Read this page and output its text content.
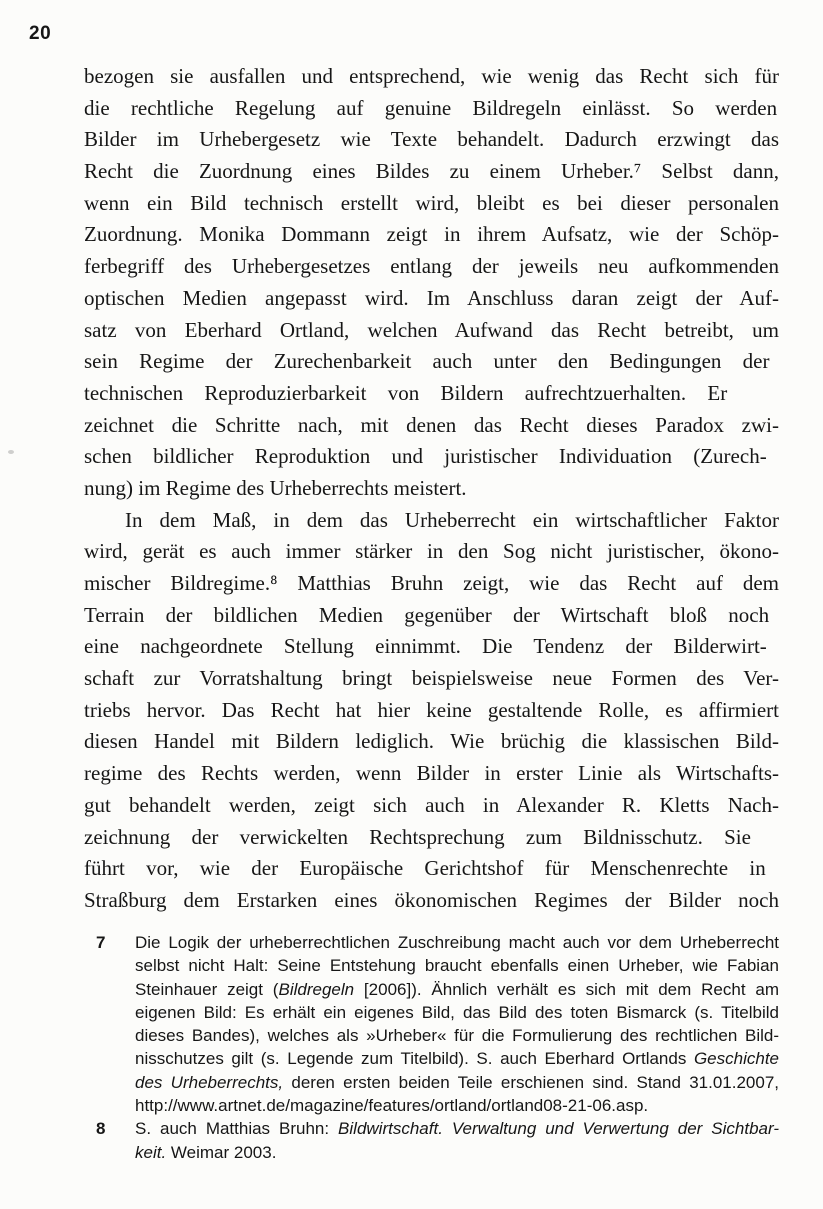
20
bezogen sie ausfallen und entsprechend, wie wenig das Recht sich für
die rechtliche Regelung auf genuine Bildregeln einlässt. So werden
Bilder im Urhebergesetz wie Texte behandelt. Dadurch erzwingt das
Recht die Zuordnung eines Bildes zu einem Urheber.⁷ Selbst dann,
wenn ein Bild technisch erstellt wird, bleibt es bei dieser personalen
Zuordnung. Monika Dommann zeigt in ihrem Aufsatz, wie der Schöp-
ferbegriff des Urhebergesetzes entlang der jeweils neu aufkommenden
optischen Medien angepasst wird. Im Anschluss daran zeigt der Auf-
satz von Eberhard Ortland, welchen Aufwand das Recht betreibt, um
sein Regime der Zurechenbarkeit auch unter den Bedingungen der
technischen Reproduzierbarkeit von Bildern aufrechtzuerhalten. Er
zeichnet die Schritte nach, mit denen das Recht dieses Paradox zwi-
schen bildlicher Reproduktion und juristischer Individuation (Zurech-
nung) im Regime des Urheberrechts meistert.
In dem Maß, in dem das Urheberrecht ein wirtschaftlicher Faktor
wird, gerät es auch immer stärker in den Sog nicht juristischer, ökono-
mischer Bildregime.⁸ Matthias Bruhn zeigt, wie das Recht auf dem
Terrain der bildlichen Medien gegenüber der Wirtschaft bloß noch
eine nachgeordnete Stellung einnimmt. Die Tendenz der Bilderwirt-
schaft zur Vorratshaltung bringt beispielsweise neue Formen des Ver-
triebs hervor. Das Recht hat hier keine gestaltende Rolle, es affirmiert
diesen Handel mit Bildern lediglich. Wie brüchig die klassischen Bild-
regime des Rechts werden, wenn Bilder in erster Linie als Wirtschafts-
gut behandelt werden, zeigt sich auch in Alexander R. Kletts Nach-
zeichnung der verwickelten Rechtsprechung zum Bildnisschutz. Sie
führt vor, wie der Europäische Gerichtshof für Menschenrechte in
Straßburg dem Erstarken eines ökonomischen Regimes der Bilder noch
7 Die Logik der urheberrechtlichen Zuschreibung macht auch vor dem Urheberrecht
selbst nicht Halt: Seine Entstehung braucht ebenfalls einen Urheber, wie Fabian
Steinhauer zeigt (Bildregeln [2006]). Ähnlich verhält es sich mit dem Recht am
eigenen Bild: Es erhält ein eigenes Bild, das Bild des toten Bismarck (s. Titelbild
dieses Bandes), welches als »Urheber« für die Formulierung des rechtlichen Bild-
nisschutzes gilt (s. Legende zum Titelbild). S. auch Eberhard Ortlands Geschichte
des Urheberrechts, deren ersten beiden Teile erschienen sind. Stand 31.01.2007,
http://www.artnet.de/magazine/features/ortland/ortland08-21-06.asp.
8 S. auch Matthias Bruhn: Bildwirtschaft. Verwaltung und Verwertung der Sichtbar-
keit. Weimar 2003.
